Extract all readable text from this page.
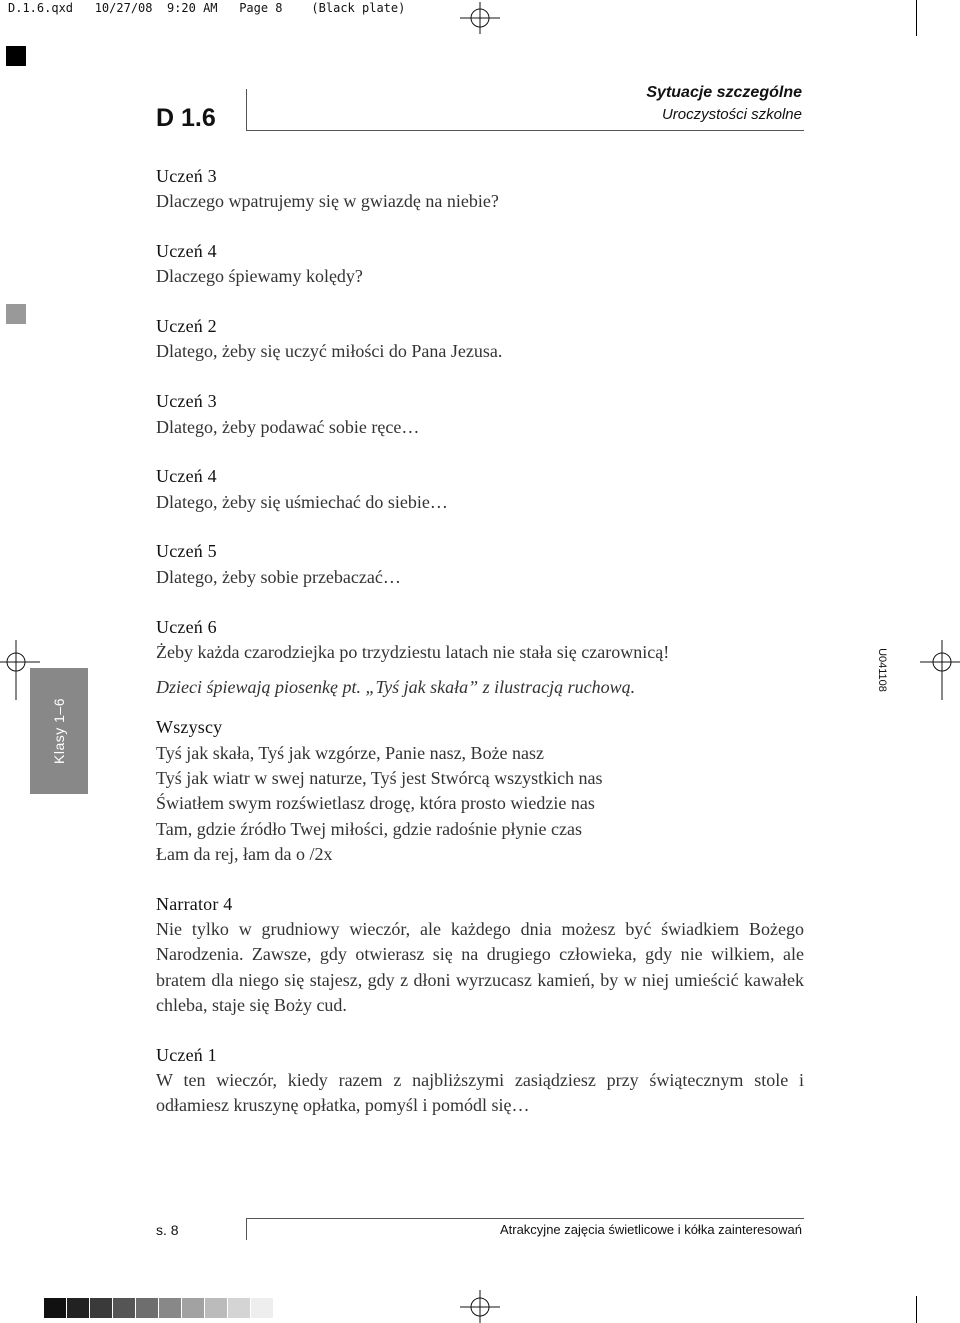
D.1.6.qxd   10/27/08  9:20 AM   Page 8    (Black plate)
D 1.6
Sytuacje szczególne
Uroczystości szkolne
Klasy 1–6
U041108
Uczeń 3
Dlaczego wpatrujemy się w gwiazdę na niebie?
Uczeń 4
Dlaczego śpiewamy kolędy?
Uczeń 2
Dlatego, żeby się uczyć miłości do Pana Jezusa.
Uczeń 3
Dlatego, żeby podawać sobie ręce…
Uczeń 4
Dlatego, żeby się uśmiechać do siebie…
Uczeń 5
Dlatego, żeby sobie przebaczać…
Uczeń 6
Żeby każda czarodziejka po trzydziestu latach nie stała się czarownicą!
Dzieci śpiewają piosenkę pt. „Tyś jak skała” z ilustracją ruchową.
Wszyscy
Tyś jak skała, Tyś jak wzgórze, Panie nasz, Boże nasz
Tyś jak wiatr w swej naturze, Tyś jest Stwórcą wszystkich nas
Światłem swym rozświetlasz drogę, która prosto wiedzie nas
Tam, gdzie źródło Twej miłości, gdzie radośnie płynie czas
Łam da rej, łam da o /2x
Narrator 4
Nie tylko w grudniowy wieczór, ale każdego dnia możesz być świadkiem Bożego Narodzenia. Zawsze, gdy otwierasz się na drugiego człowieka, gdy nie wilkiem, ale bratem dla niego się stajesz, gdy z dłoni wyrzucasz kamień, by w niej umieścić kawałek chleba, staje się Boży cud.
Uczeń 1
W ten wieczór, kiedy razem z najbliższymi zasiądziesz przy świątecznym stole i odłamiesz kruszynę opłatka, pomyśl i pomódl się…
s. 8	Atrakcyjne zajęcia świetlicowe i kółka zainteresowań
